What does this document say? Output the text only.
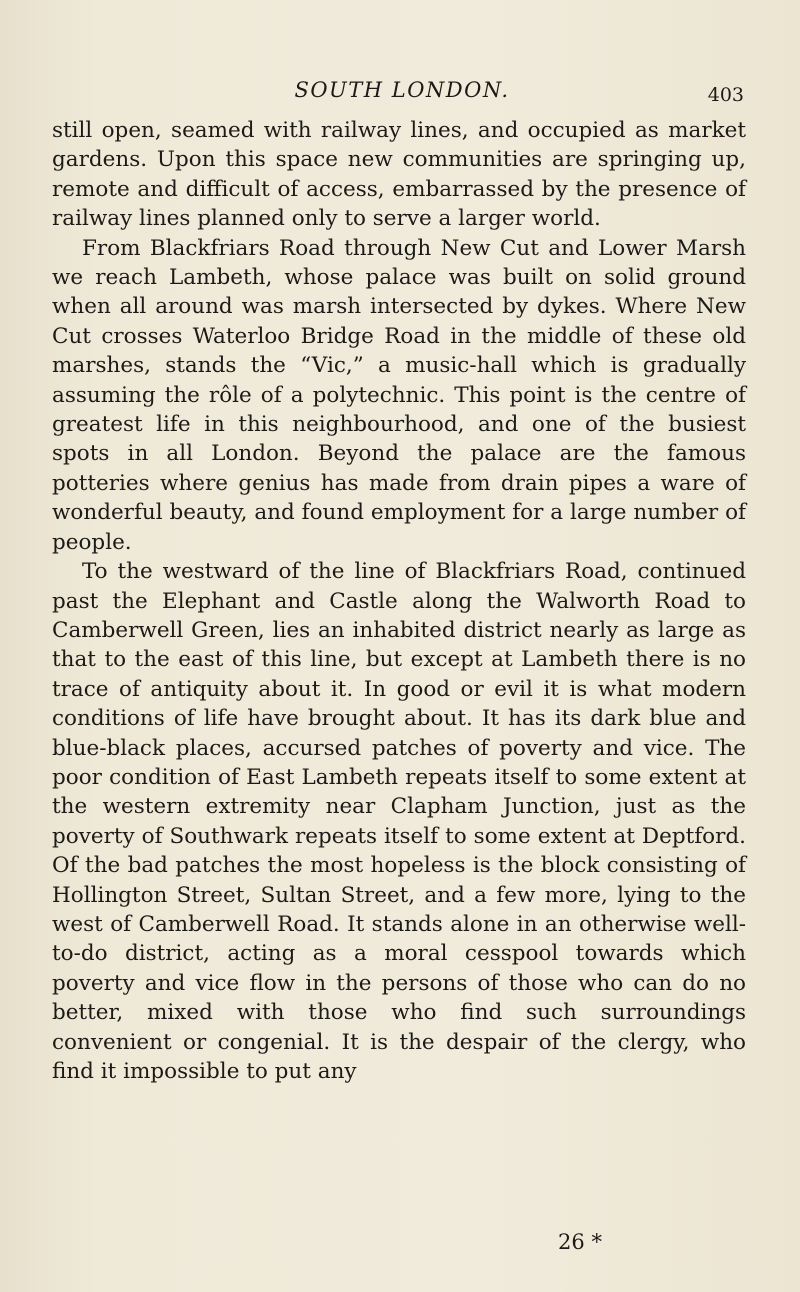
SOUTH LONDON.	403

still open, seamed with railway lines, and occupied as market gardens. Upon this space new communities are springing up, remote and difficult of access, embarrassed by the presence of railway lines planned only to serve a larger world.

From Blackfriars Road through New Cut and Lower Marsh we reach Lambeth, whose palace was built on solid ground when all around was marsh intersected by dykes. Where New Cut crosses Waterloo Bridge Road in the middle of these old marshes, stands the “Vic,” a music-hall which is gradually assuming the rôle of a polytechnic. This point is the centre of greatest life in this neighbourhood, and one of the busiest spots in all London. Beyond the palace are the famous potteries where genius has made from drain pipes a ware of wonderful beauty, and found employment for a large number of people.

To the westward of the line of Blackfriars Road, continued past the Elephant and Castle along the Walworth Road to Camberwell Green, lies an inhabited district nearly as large as that to the east of this line, but except at Lambeth there is no trace of antiquity about it. In good or evil it is what modern conditions of life have brought about. It has its dark blue and blue-black places, accursed patches of poverty and vice. The poor condition of East Lambeth repeats itself to some extent at the western extremity near Clapham Junction, just as the poverty of Southwark repeats itself to some extent at Deptford. Of the bad patches the most hopeless is the block consisting of Hollington Street, Sultan Street, and a few more, lying to the west of Camberwell Road. It stands alone in an otherwise well-to-do district, acting as a moral cesspool towards which poverty and vice flow in the persons of those who can do no better, mixed with those who find such surroundings convenient or congenial. It is the despair of the clergy, who find it impossible to put any

26 *
